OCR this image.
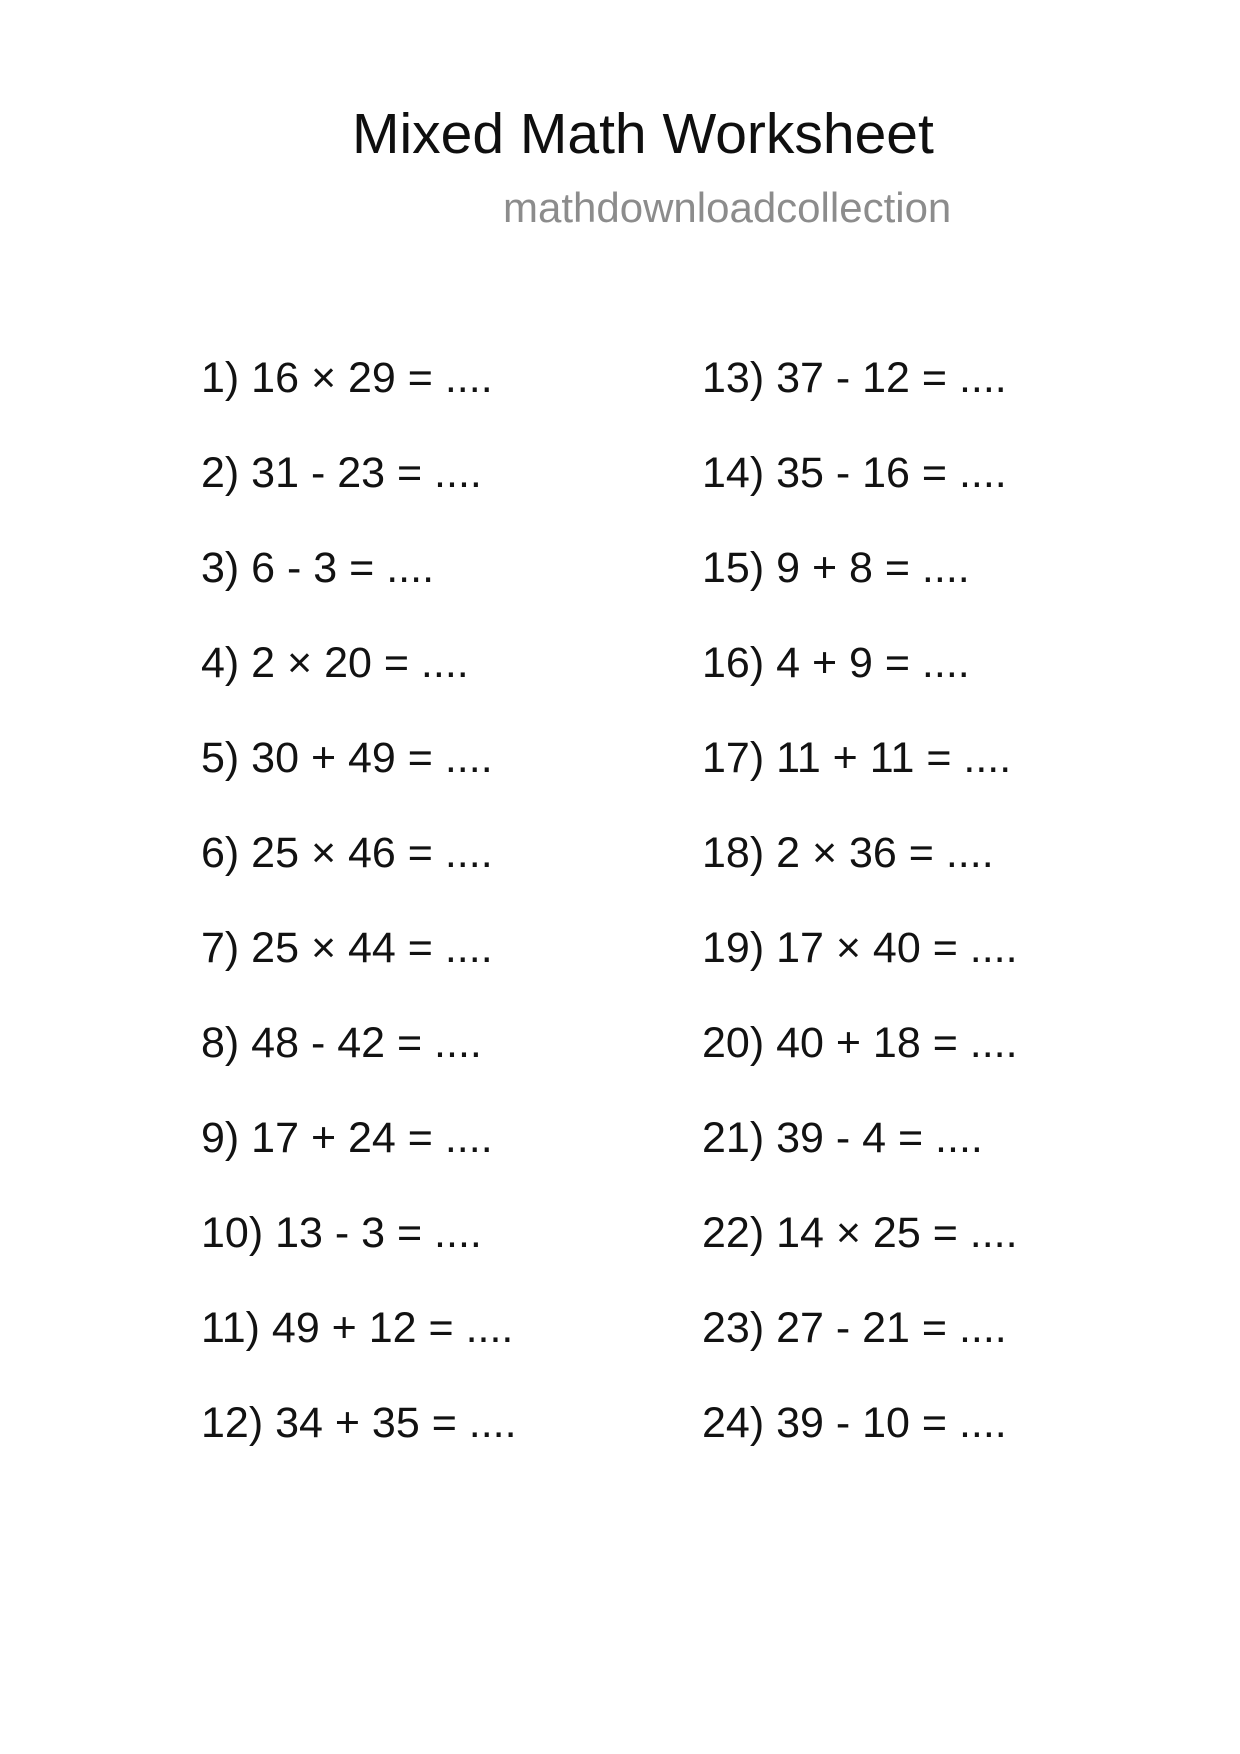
Mixed Math Worksheet
mathdownloadcollection
1) 16 × 29 = ....
2) 31 - 23 = ....
3) 6 - 3 = ....
4) 2 × 20 = ....
5) 30 + 49 = ....
6) 25 × 46 = ....
7) 25 × 44 = ....
8) 48 - 42 = ....
9) 17 + 24 = ....
10) 13 - 3 = ....
11) 49 + 12 = ....
12) 34 + 35 = ....
13) 37 - 12 = ....
14) 35 - 16 = ....
15) 9 + 8 = ....
16) 4 + 9 = ....
17) 11 + 11 = ....
18) 2 × 36 = ....
19) 17 × 40 = ....
20) 40 + 18 = ....
21) 39 - 4 = ....
22) 14 × 25 = ....
23) 27 - 21 = ....
24) 39 - 10 = ....
